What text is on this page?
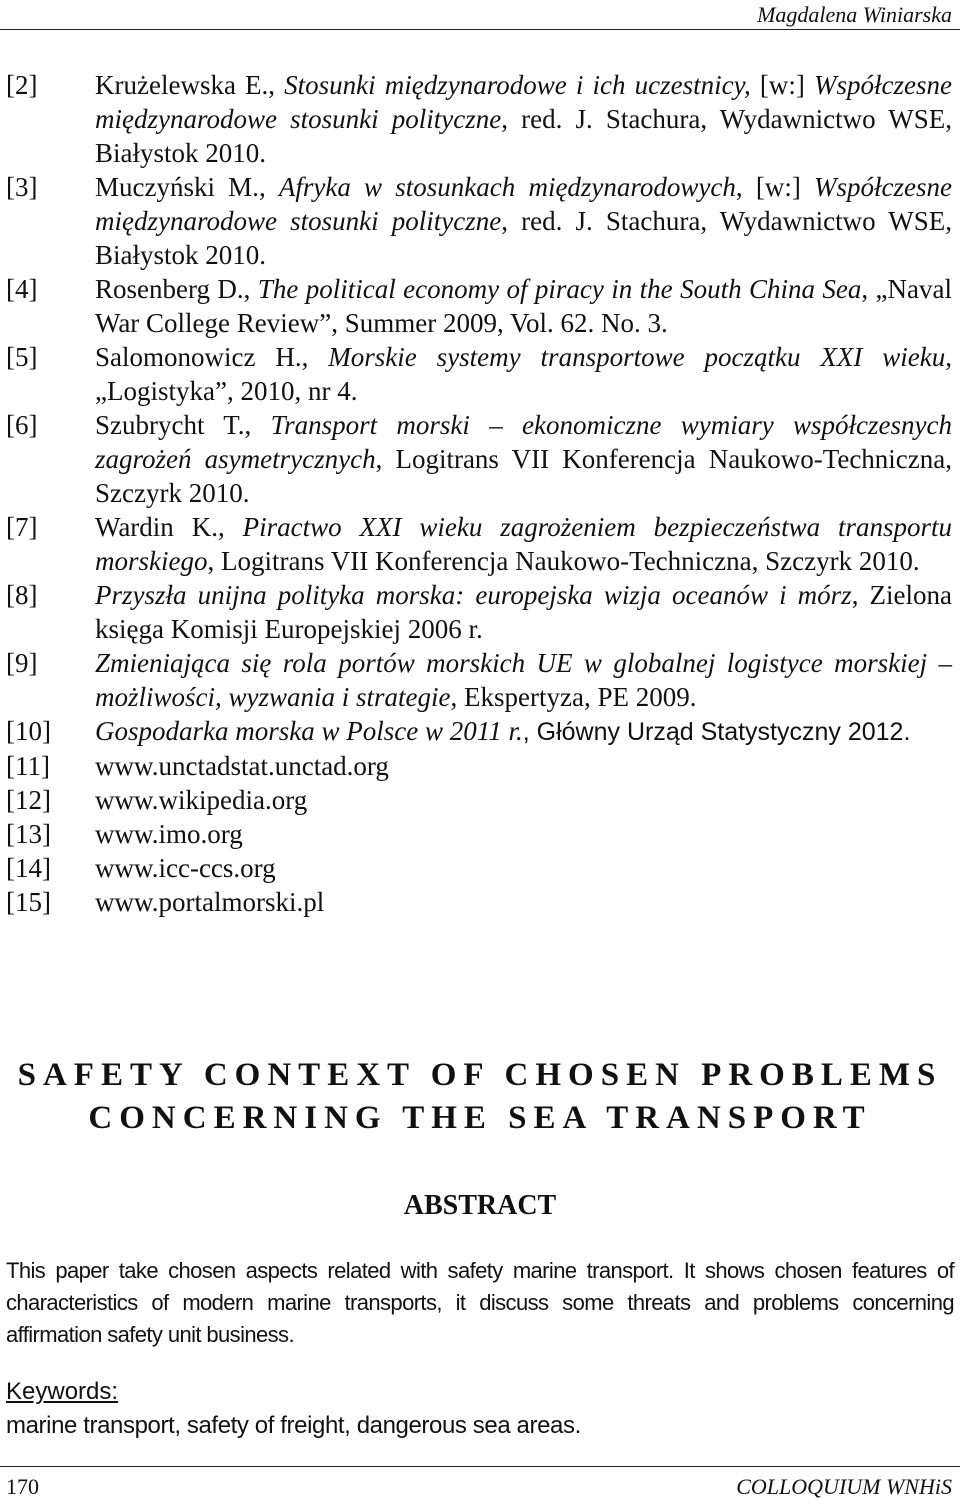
Magdalena Winiarska
[2] Krużelewska E., Stosunki międzynarodowe i ich uczestnicy, [w:] Współczesne międzynarodowe stosunki polityczne, red. J. Stachura, Wydawnictwo WSE, Białystok 2010.
[3] Muczyński M., Afryka w stosunkach międzynarodowych, [w:] Współczesne międzynarodowe stosunki polityczne, red. J. Stachura, Wydawnictwo WSE, Białystok 2010.
[4] Rosenberg D., The political economy of piracy in the South China Sea, „Naval War College Review”, Summer 2009, Vol. 62. No. 3.
[5] Salomonowicz H., Morskie systemy transportowe początku XXI wieku, „Logistyka”, 2010, nr 4.
[6] Szubrycht T., Transport morski – ekonomiczne wymiary współczesnych zagrożeń asymetrycznych, Logitrans VII Konferencja Naukowo-Techniczna, Szczyrk 2010.
[7] Wardin K., Piractwo XXI wieku zagrożeniem bezpieczeństwa transportu morskiego, Logitrans VII Konferencja Naukowo-Techniczna, Szczyrk 2010.
[8] Przyszła unijna polityka morska: europejska wizja oceanów i mórz, Zielona księga Komisji Europejskiej 2006 r.
[9] Zmieniająca się rola portów morskich UE w globalnej logistyce morskiej – możliwości, wyzwania i strategie, Ekspertyza, PE 2009.
[10] Gospodarka morska w Polsce w 2011 r., Główny Urząd Statystyczny 2012.
[11] www.unctadstat.unctad.org
[12] www.wikipedia.org
[13] www.imo.org
[14] www.icc-ccs.org
[15] www.portalmorski.pl
SAFETY CONTEXT OF CHOSEN PROBLEMS
CONCERNING THE SEA TRANSPORT
ABSTRACT
This paper take chosen aspects related with safety marine transport. It shows chosen features of characteristics of modern marine transports, it discuss some threats and problems concerning affirmation safety unit business.
Keywords:
marine transport, safety of freight, dangerous sea areas.
170	COLLOQUIUM WNHiS
